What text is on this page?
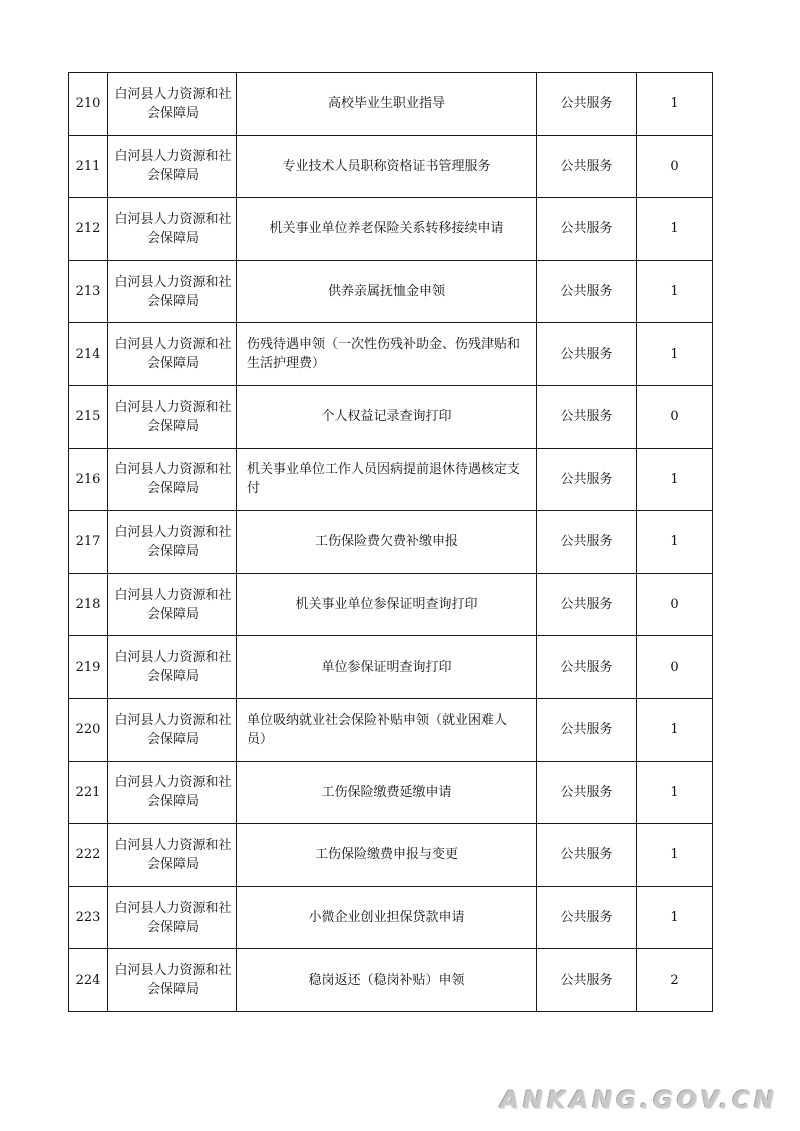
210	白河县人力资源和社会保障局	高校毕业生职业指导	公共服务	1
211	白河县人力资源和社会保障局	专业技术人员职称资格证书管理服务	公共服务	0
212	白河县人力资源和社会保障局	机关事业单位养老保险关系转移接续申请	公共服务	1
213	白河县人力资源和社会保障局	供养亲属抚恤金申领	公共服务	1
214	白河县人力资源和社会保障局	伤残待遇申领（一次性伤残补助金、伤残津贴和生活护理费）	公共服务	1
215	白河县人力资源和社会保障局	个人权益记录查询打印	公共服务	0
216	白河县人力资源和社会保障局	机关事业单位工作人员因病提前退休待遇核定支付	公共服务	1
217	白河县人力资源和社会保障局	工伤保险费欠费补缴申报	公共服务	1
218	白河县人力资源和社会保障局	机关事业单位参保证明查询打印	公共服务	0
219	白河县人力资源和社会保障局	单位参保证明查询打印	公共服务	0
220	白河县人力资源和社会保障局	单位吸纳就业社会保险补贴申领（就业困难人员）	公共服务	1
221	白河县人力资源和社会保障局	工伤保险缴费延缴申请	公共服务	1
222	白河县人力资源和社会保障局	工伤保险缴费申报与变更	公共服务	1
223	白河县人力资源和社会保障局	小微企业创业担保贷款申请	公共服务	1
224	白河县人力资源和社会保障局	稳岗返还（稳岗补贴）申领	公共服务	2
ANKANG.GOV.CN
